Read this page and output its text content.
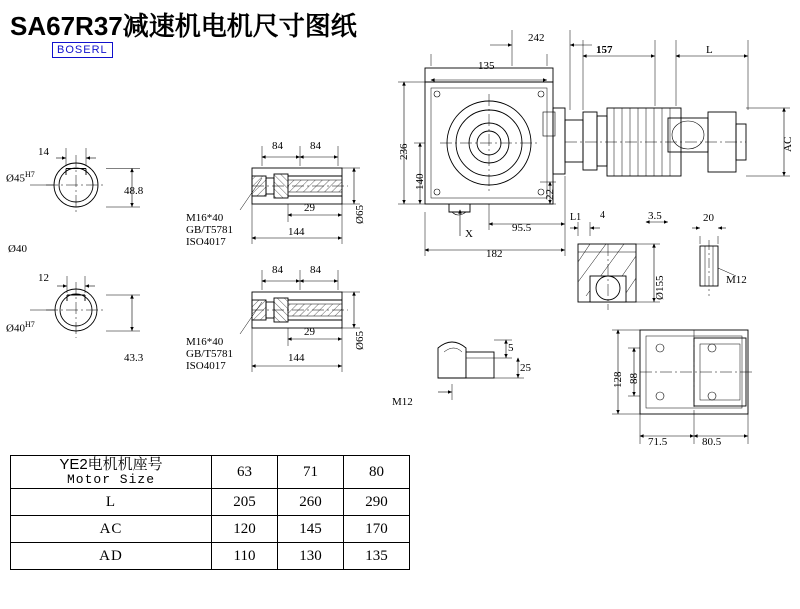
SA67R37减速机电机尺寸图纸
BOSERL
14
$Ø45^{H7}$
48.8
Ø40
12
$Ø40^{H7}$
43.3
84 84
29
144
Ø65
M16*40
GB/T5781
ISO4017
84 84
29
144
Ø65
M16*40
GB/T5781
ISO4017
242
135
236
140
22
95.5
182
X
157	L
AC
L1 4	3.5	20
Ø155	M12
5
25
M12
128 88
71.5	80.5
YE2电机机座号
Motor Size	63	71	80
L	205	260	290
AC	120	145	170
AD	110	130	135
